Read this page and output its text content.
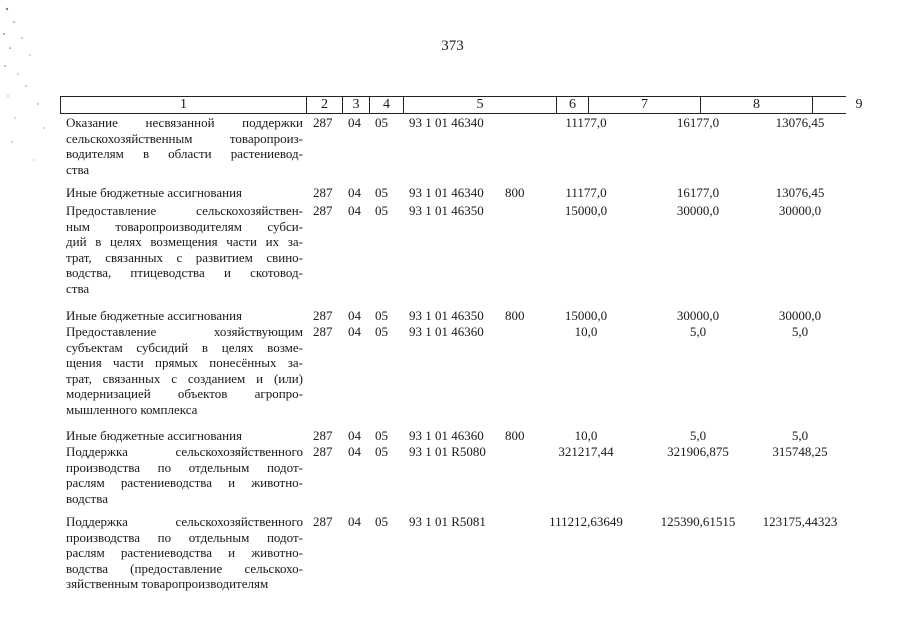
373
1	2	3	4	5	6	7	8	9
Оказание несвязанной поддержки
сельскохозяйственным товаропроиз-
водителям в области растениевод-
ства
287 04 05 93 1 01 46340	11177,0	16177,0	13076,45
Иные бюджетные ассигнования	287 04 05 93 1 01 46340 800	11177,0	16177,0	13076,45
Предоставление сельскохозяйствен-
ным товаропроизводителям субси-
дий в целях возмещения части их за-
трат, связанных с развитием свино-
водства, птицеводства и скотовод-
ства
287 04 05 93 1 01 46350	15000,0	30000,0	30000,0
Иные бюджетные ассигнования	287 04 05 93 1 01 46350 800	15000,0	30000,0	30000,0
Предоставление хозяйствующим
субъектам субсидий в целях возме-
щения части прямых понесённых за-
трат, связанных с созданием и (или)
модернизацией объектов агропро-
мышленного комплекса
287 04 05 93 1 01 46360	10,0	5,0	5,0
Иные бюджетные ассигнования	287 04 05 93 1 01 46360 800	10,0	5,0	5,0
Поддержка сельскохозяйственного
производства по отдельным подот-
раслям растениеводства и животно-
водства
287 04 05 93 1 01 R5080	321217,44	321906,875	315748,25
Поддержка сельскохозяйственного
производства по отдельным подот-
раслям растениеводства и животно-
водства (предоставление сельскохо-
зяйственным товаропроизводителям
287 04 05 93 1 01 R5081	111212,63649	125390,61515	123175,44323
